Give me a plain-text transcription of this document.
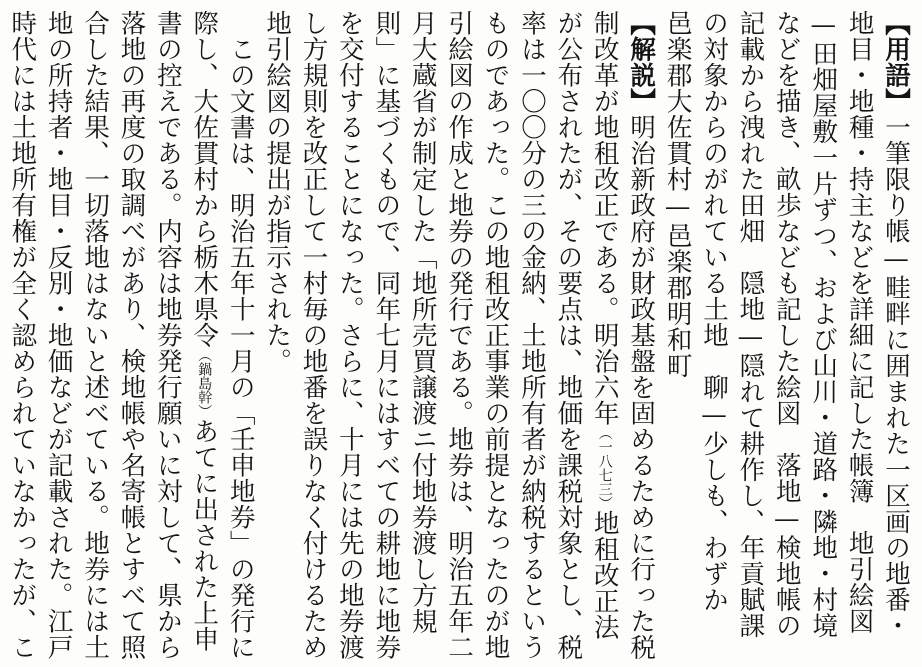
【用語】一筆限り帳—畦畔に囲まれた一区画の地番・地目・地種・持主などを詳細に記した帳簿　地引絵図—田畑屋敷一片ずつ、および山川・道路・隣地・村境などを描き、畝歩なども記した絵図　落地—検地帳の記載から洩れた田畑　隠地—隠れて耕作し、年貢賦課の対象からのがれている土地　聊—少しも、わずか　邑楽郡大佐貫村—邑楽郡明和町

【解説】明治新政府が財政基盤を固めるために行った税制改革が地租改正である。明治六年（一八七三）地租改正法が公布されたが、その要点は、地価を課税対象とし、税率は一〇〇分の三の金納、土地所有者が納税するというものであった。この地租改正事業の前提となったのが地引絵図の作成と地券の発行である。地券は、明治五年二月大蔵省が制定した「地所売買譲渡ニ付地券渡し方規則」に基づくもので、同年七月にはすべての耕地に地券を交付することになった。さらに、十月には先の地券渡し方規則を改正して一村毎の地番を誤りなく付けるため地引絵図の提出が指示された。

この文書は、明治五年十一月の「壬申地券」の発行に際し、大佐貫村から栃木県令（鍋島幹）あてに出された上申書の控えである。内容は地券発行願いに対して、県から落地の再度の取調べがあり、検地帳や名寄帳とすべて照合した結果、一切落地はないと述べている。地券には土地の所持者・地目・反別・地価などが記載された。江戸時代には土地所有権が全く認められていなかったが、こ
